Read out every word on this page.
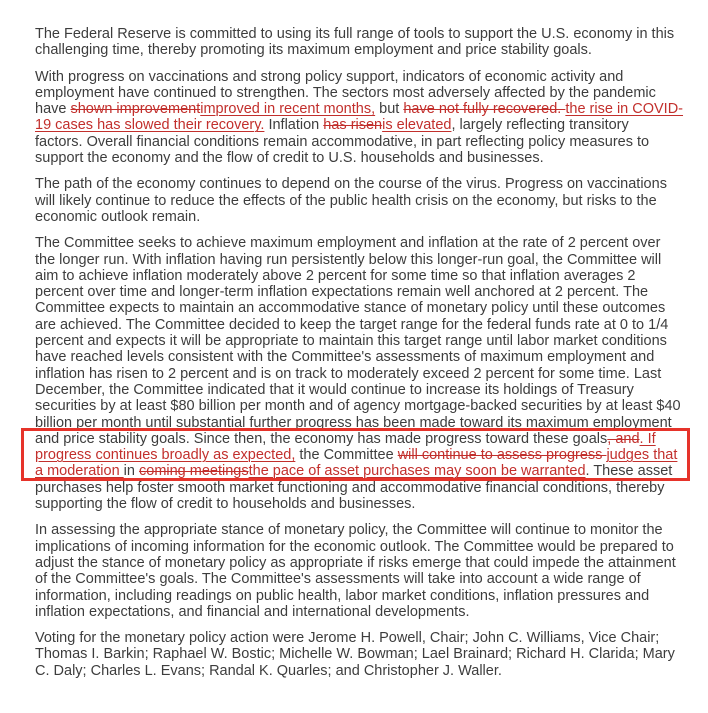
The Federal Reserve is committed to using its full range of tools to support the U.S. economy in this
challenging time, thereby promoting its maximum employment and price stability goals.
With progress on vaccinations and strong policy support, indicators of economic activity and
employment have continued to strengthen. The sectors most adversely affected by the pandemic
have shown improvementimproved in recent months, but have not fully recovered. the rise in COVID-
19 cases has slowed their recovery. Inflation has risenis elevated, largely reflecting transitory
factors. Overall financial conditions remain accommodative, in part reflecting policy measures to
support the economy and the flow of credit to U.S. households and businesses.
The path of the economy continues to depend on the course of the virus. Progress on vaccinations
will likely continue to reduce the effects of the public health crisis on the economy, but risks to the
economic outlook remain.
The Committee seeks to achieve maximum employment and inflation at the rate of 2 percent over
the longer run. With inflation having run persistently below this longer-run goal, the Committee will
aim to achieve inflation moderately above 2 percent for some time so that inflation averages 2
percent over time and longer-term inflation expectations remain well anchored at 2 percent. The
Committee expects to maintain an accommodative stance of monetary policy until these outcomes
are achieved. The Committee decided to keep the target range for the federal funds rate at 0 to 1/4
percent and expects it will be appropriate to maintain this target range until labor market conditions
have reached levels consistent with the Committee's assessments of maximum employment and
inflation has risen to 2 percent and is on track to moderately exceed 2 percent for some time. Last
December, the Committee indicated that it would continue to increase its holdings of Treasury
securities by at least $80 billion per month and of agency mortgage-backed securities by at least $40
billion per month until substantial further progress has been made toward its maximum employment
and price stability goals. Since then, the economy has made progress toward these goals, and. If
progress continues broadly as expected, the Committee will continue to assess progress judges that
a moderation in coming meetingsthe pace of asset purchases may soon be warranted. These asset
purchases help foster smooth market functioning and accommodative financial conditions, thereby
supporting the flow of credit to households and businesses.
In assessing the appropriate stance of monetary policy, the Committee will continue to monitor the
implications of incoming information for the economic outlook. The Committee would be prepared to
adjust the stance of monetary policy as appropriate if risks emerge that could impede the attainment
of the Committee's goals. The Committee's assessments will take into account a wide range of
information, including readings on public health, labor market conditions, inflation pressures and
inflation expectations, and financial and international developments.
Voting for the monetary policy action were Jerome H. Powell, Chair; John C. Williams, Vice Chair;
Thomas I. Barkin; Raphael W. Bostic; Michelle W. Bowman; Lael Brainard; Richard H. Clarida; Mary
C. Daly; Charles L. Evans; Randal K. Quarles; and Christopher J. Waller.
